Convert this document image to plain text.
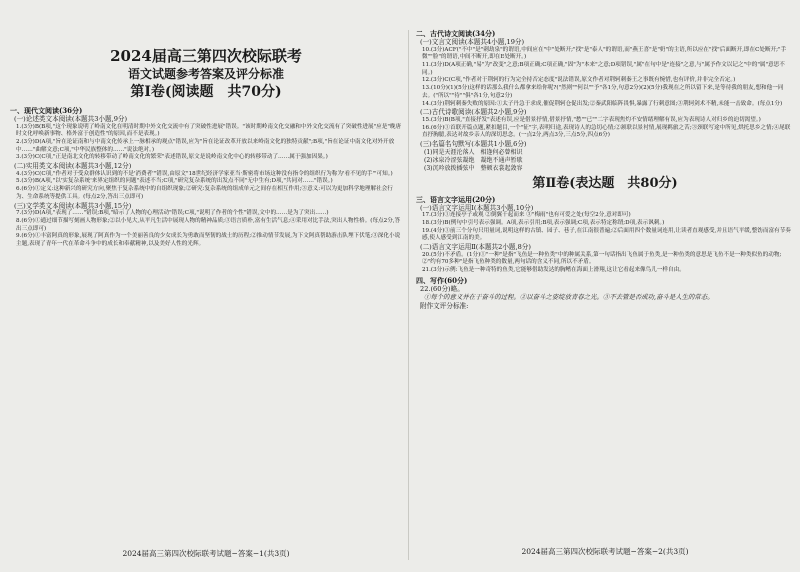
2024届高三第四次校际联考
语文试题参考答案及评分标准
第Ⅰ卷(阅读题　共70分)
一、现代文阅读(36分)
(一)论述类文本阅读(本题共3小题,9分)
1.(3分)B(B项,"这个现象说明了岭南文化在明清时期中外文化交流中有了突破性进展"错误。"该时期岭南文化交融和中外文化交流有了突破性进展"应是"晚唐时文化呼唤新事物、格外富于创造性"的原因,而不是表现。)
2.(3分)D(A项,"旨在论证南和与中南文化传承上一脉相承的观点"错误,应为"旨在论证改革开放以来岭南文化的独特贡献";B项,"旨在论证中南文化对外开放中……"曲解文意;C项,"中华民族整体的……"说法绝对。)
3.(3分)C(C项,"正是南北文化的转移带动了岭南文化的繁荣"表述错误,原文是说岭南文化中心的转移带动了……属于强加因果。)
(二)实用类文本阅读(本题共3小题,12分)
4.(3分)C(C项,"作者对于受众群体认识到的不是'消费者'"错误,由原文"18世纪经济学家亚当·斯密将市场这种没有指令的组织行为称为'看不见的手'"可知。)
5.(3分)B(A项,"以'实复杂系统'来界定组织的问题"表述不当;C项,"研究复杂系统的出发点不同"无中生有;D项,"共同对……"错误。)
6.(6分)①定义:这种新兴的研究方向,聚焦于复杂系统中的自组织现象;②研究:复杂系统的组成单元之间存在相互作用;③意义:可以为更加科学地理解社会行为、生命系统等提供工具。(每点2分,答出三点即可)
(三)文学类文本阅读(本题共3小题,15分)
7.(3分)D(A项,"表现了……"错误;B项,"暗示了人物的心理活动"错误;C项,"说明了作者的个性"错误,文中的……是为了突出……)
8.(6分)①通过细节描写刻画人物形象;②以小见大,从平凡生活中展现人物的精神品质;③语言质朴,富有生活气息;④采用对比手法,突出人物性格。(每点2分,答出三点即可)
9.(6分)①丰富阿真的形象,展现了阿真作为一个美丽善良的少女成长为勇敢而坚韧的战士的历程;②推动情节发展,为下文阿真帮助游击队埋下伏笔;③深化小说主题,表现了青年一代在革命斗争中的成长和奉献精神,以及美好人性的光辉。
2024届高三第四次校际联考试题−答案−1(共3页)
二、古代诗文阅读(34分)
(一)文言文阅读(本题共4小题,19分)
10.(3分)ACF("不中"是"刺劫泉"的谓语,中间应在"中"处断开;"找"是"泰人"的谓语,而"燕王喜"是"奶"的主语,所以应在"找"后面断开,即在C处断开;"手微""脸"的谓语,中间不断开,即在E处断开。)
11.(3分)D(A项正确,"易"为"改变"之意;B项正确;C项正确,"固"为"本来"之意;D项错误,"属"在句中是"连接"之意,与"属予作文以记之"中的"属"意思不同。)
12.(3分)C(C项,"作者对于荆轲的行为完全持否定态度"说法错误,原文作者对荆轲刺秦王之事既有惋惜,也有评价,并非完全否定。)
13.(10分)(1)(5分)这样的话那么我什么都拿来给你呢?("然则""何以""予"各1分,句意2分)(2)(5分)我现在之所以留下来,是等待我的朋友,想和他一同去。("所以""待""俱"各1分,句意2分)
14.(3分)荆轲刺秦失败的原因:①太子丹急于求成,催促荆轲仓促出发;②秦武阳临阵畏惧,暴露了行刺意图;③荆轲剑术不精,未能一击致命。(每点1分)
(二)古代诗歌阅读(本题共2小题,9分)
15.(3分)B(B项,"直接抒发"表述有误,应是借景抒情,借景抒情,"愁""已""二字表现焦灼不安情绪理解有误,应为表现诗人对归乡的迫切渴望。)
16.(6分)①首联开篇点题,紧扣题目,一个"征"字,表明归途,表现诗人的急切心情;②颔联以景衬情,展现羁旅之苦;③颈联写途中所见,烘托思乡之情;④尾联直抒胸臆,表达对故乡亲人的深切思念。(一点2分,两点3分,三点5分,四点6分)
(三)名篇名句默写(本题共1小题,6分)
(1)同是天涯沦落人　相逢何必曾相识
(2)冰泉冷涩弦凝绝　凝绝不通声暂歇
(3)沉吟放拨插弦中　整顿衣裳起敛容
第Ⅱ卷(表达题　共80分)
三、语言文字运用(20分)
(一)语言文字运用Ⅰ(本题共3小题,10分)
17.(3分)①连接亭子或观 ②倒翼千起而来 ③"梅雨"也有可爱之处(每空2分,意对即可)
18.(3分)B(例句中引号表示强调。A项,表示引用;B项,表示强调;C项,表示特定称谓;D项,表示讽刺。)
19.(4分)①前三个分句只用量词,说明这样的古镇、园子、巷子,在江南很普遍;②后面用四个数量词连用,让读者直观感受,并且语气平缓,整饬而富有节奏感,使人感受到江南的美。
(二)语言文字运用Ⅱ(本题共2小题,8分)
20.(5分)不矛盾。(1分)①"一种"是指"飞鱼是一种鱼类"中的种属关系,第一句话指出飞鱼属于鱼类,是一种鱼类的意思是飞鱼不是一种类似鱼的动物;②"约有70多种"是指飞鱼种类的数量,两句话的含义不同,所以不矛盾。
21.(3分)示例:飞鱼是一种奇特的鱼类,它能够借助发达的胸鳍在海面上滑翔,这让它看起来像鸟儿一样自由。
四、写作(60分)
22.(60分)略。
①每个的意义并在于奋斗的过程。②以奋斗之姿绽放青春之光。③不去管是否成功,奋斗是人生的常态。
附作文评分标准:
2024届高三第四次校际联考试题−答案−2(共3页)
